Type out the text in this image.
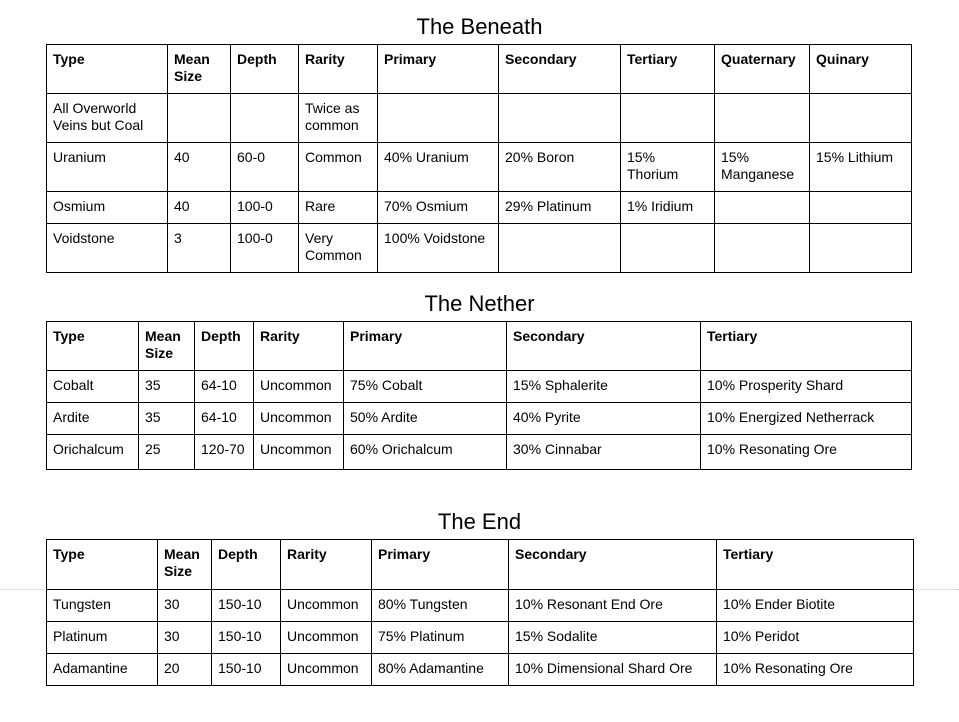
The Beneath
Type	Mean Size	Depth	Rarity	Primary	Secondary	Tertiary	Quaternary	Quinary
All Overworld Veins but Coal			Twice as common					
Uranium	40	60-0	Common	40% Uranium	20% Boron	15% Thorium	15% Manganese	15% Lithium
Osmium	40	100-0	Rare	70% Osmium	29% Platinum	1% Iridium		
Voidstone	3	100-0	Very Common	100% Voidstone				
The Nether
Type	Mean Size	Depth	Rarity	Primary	Secondary	Tertiary
Cobalt	35	64-10	Uncommon	75% Cobalt	15% Sphalerite	10% Prosperity Shard
Ardite	35	64-10	Uncommon	50% Ardite	40% Pyrite	10% Energized Netherrack
Orichalcum	25	120-70	Uncommon	60% Orichalcum	30% Cinnabar	10% Resonating Ore
The End
Type	Mean Size	Depth	Rarity	Primary	Secondary	Tertiary
Tungsten	30	150-10	Uncommon	80% Tungsten	10% Resonant End Ore	10% Ender Biotite
Platinum	30	150-10	Uncommon	75% Platinum	15% Sodalite	10% Peridot
Adamantine	20	150-10	Uncommon	80% Adamantine	10% Dimensional Shard Ore	10% Resonating Ore
